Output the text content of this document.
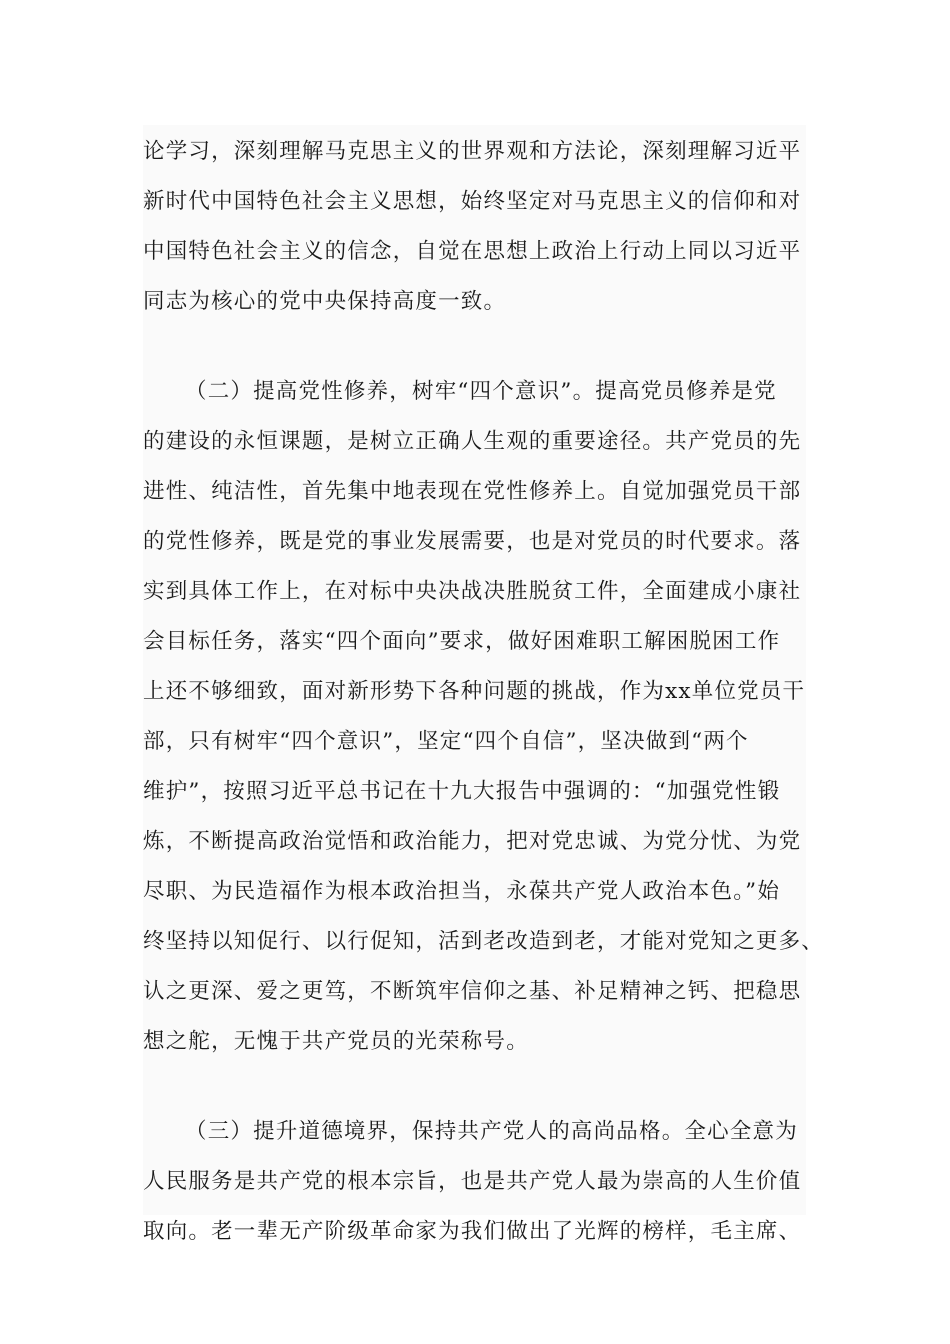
论学习，深刻理解马克思主义的世界观和方法论，深刻理解习近平
新时代中国特色社会主义思想，始终坚定对马克思主义的信仰和对
中国特色社会主义的信念，自觉在思想上政治上行动上同以习近平
同志为核心的党中央保持高度一致。

（二）提高党性修养，树牢“四个意识”。提高党员修养是党
的建设的永恒课题，是树立正确人生观的重要途径。共产党员的先
进性、纯洁性，首先集中地表现在党性修养上。自觉加强党员干部
的党性修养，既是党的事业发展需要，也是对党员的时代要求。落
实到具体工作上，在对标中央决战决胜脱贫工件，全面建成小康社
会目标任务，落实“四个面向”要求，做好困难职工解困脱困工作
上还不够细致，面对新形势下各种问题的挑战，作为xx单位党员干
部，只有树牢“四个意识”，坚定“四个自信”，坚决做到“两个
维护”，按照习近平总书记在十九大报告中强调的：“加强党性锻
炼，不断提高政治觉悟和政治能力，把对党忠诚、为党分忧、为党
尽职、为民造福作为根本政治担当，永葆共产党人政治本色。”始
终坚持以知促行、以行促知，活到老改造到老，才能对党知之更多、
认之更深、爱之更笃，不断筑牢信仰之基、补足精神之钙、把稳思
想之舵，无愧于共产党员的光荣称号。

（三）提升道德境界，保持共产党人的高尚品格。全心全意为
人民服务是共产党的根本宗旨，也是共产党人最为崇高的人生价值
取向。老一辈无产阶级革命家为我们做出了光辉的榜样，毛主席、
